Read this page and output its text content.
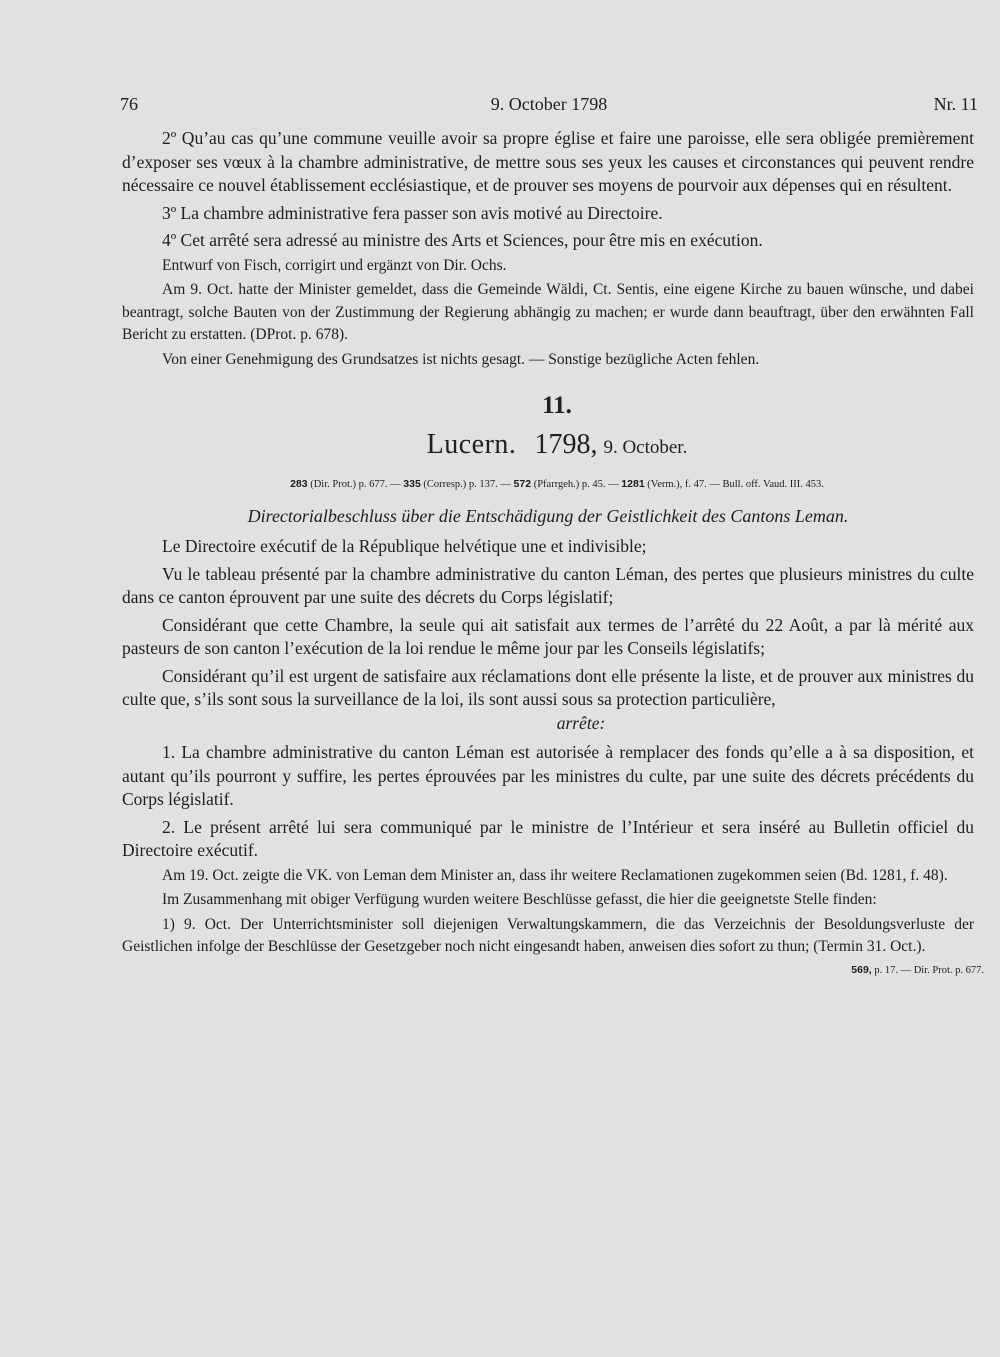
76	9. October 1798	Nr. 11

2º Qu’au cas qu’une commune veuille avoir sa propre église et faire une paroisse, elle sera obligée premièrement d’exposer ses vœux à la chambre administrative, de mettre sous ses yeux les causes et circonstances qui peuvent rendre nécessaire ce nouvel établissement ecclésiastique, et de prouver ses moyens de pourvoir aux dépenses qui en résultent.

3º La chambre administrative fera passer son avis motivé au Directoire.

4º Cet arrêté sera adressé au ministre des Arts et Sciences, pour être mis en exécution.

Entwurf von Fisch, corrigirt und ergänzt von Dir. Ochs.

Am 9. Oct. hatte der Minister gemeldet, dass die Gemeinde Wäldi, Ct. Sentis, eine eigene Kirche zu bauen wünsche, und dabei beantragt, solche Bauten von der Zustimmung der Regierung abhängig zu machen; er wurde dann beauftragt, über den erwähnten Fall Bericht zu erstatten. (DProt. p. 678).

Von einer Genehmigung des Grundsatzes ist nichts gesagt. — Sonstige bezügliche Acten fehlen.

11.
Lucern. 1798, 9. October.
283 (Dir. Prot.) p. 677. — 335 (Corresp.) p. 137. — 572 (Pfarrgeh.) p. 45. — 1281 (Verm.), f. 47. — Bull. off. Vaud. III. 453.
Directorialbeschluss über die Entschädigung der Geistlichkeit des Cantons Leman.

Le Directoire exécutif de la République helvétique une et indivisible;

Vu le tableau présenté par la chambre administrative du canton Léman, des pertes que plusieurs ministres du culte dans ce canton éprouvent par une suite des décrets du Corps législatif;

Considérant que cette Chambre, la seule qui ait satisfait aux termes de l’arrêté du 22 Août, a par là mérité aux pasteurs de son canton l’exécution de la loi rendue le même jour par les Conseils législatifs;

Considérant qu’il est urgent de satisfaire aux réclamations dont elle présente la liste, et de prouver aux ministres du culte que, s’ils sont sous la surveillance de la loi, ils sont aussi sous sa protection particulière,

arrête:

1. La chambre administrative du canton Léman est autorisée à remplacer des fonds qu’elle a à sa disposition, et autant qu’ils pourront y suffire, les pertes éprouvées par les ministres du culte, par une suite des décrets précédents du Corps législatif.

2. Le présent arrêté lui sera communiqué par le ministre de l’Intérieur et sera inséré au Bulletin officiel du Directoire exécutif.

Am 19. Oct. zeigte die VK. von Leman dem Minister an, dass ihr weitere Reclamationen zugekommen seien (Bd. 1281, f. 48).

Im Zusammenhang mit obiger Verfügung wurden weitere Beschlüsse gefasst, die hier die geeignetste Stelle finden:

1) 9. Oct. Der Unterrichtsminister soll diejenigen Verwaltungskammern, die das Verzeichnis der Besoldungsverluste der Geistlichen infolge der Beschlüsse der Gesetzgeber noch nicht eingesandt haben, anweisen dies sofort zu thun; (Termin 31. Oct.).
569, p. 17. — Dir. Prot. p. 677.
